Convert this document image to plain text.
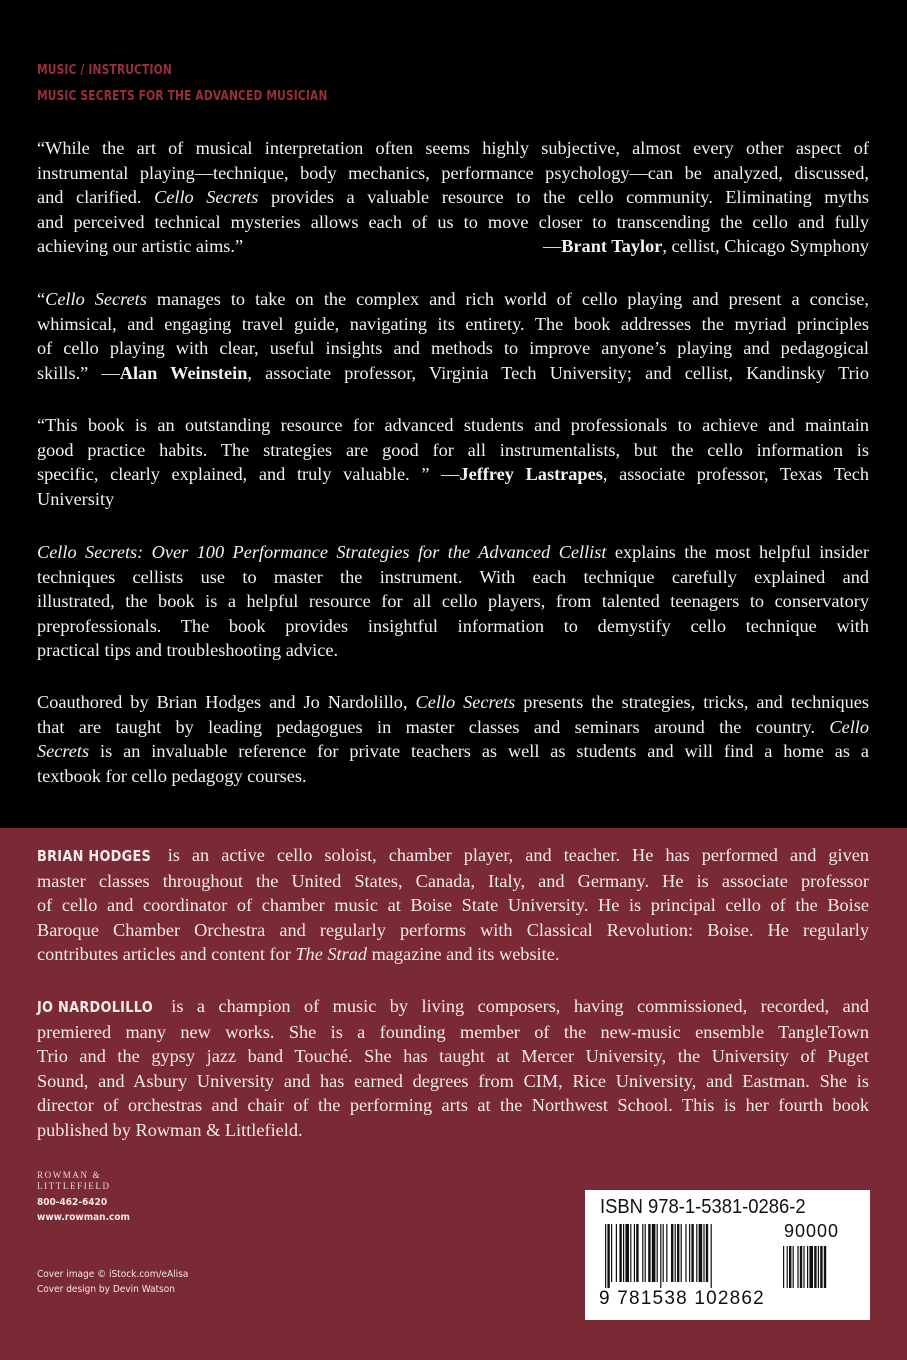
MUSIC / INSTRUCTION
MUSIC SECRETS FOR THE ADVANCED MUSICIAN
“While the art of musical interpretation often seems highly subjective, almost every other aspect of
instrumental playing—technique, body mechanics, performance psychology—can be analyzed, discussed,
and clarified. Cello Secrets provides a valuable resource to the cello community. Eliminating myths
and perceived technical mysteries allows each of us to move closer to transcending the cello and fully
achieving our artistic aims.”	—Brant Taylor, cellist, Chicago Symphony
“Cello Secrets manages to take on the complex and rich world of cello playing and present a concise,
whimsical, and engaging travel guide, navigating its entirety. The book addresses the myriad principles
of cello playing with clear, useful insights and methods to improve anyone’s playing and pedagogical
skills.” —Alan Weinstein, associate professor, Virginia Tech University; and cellist, Kandinsky Trio
“This book is an outstanding resource for advanced students and professionals to achieve and maintain
good practice habits. The strategies are good for all instrumentalists, but the cello information is
specific, clearly explained, and truly valuable. ” —Jeffrey Lastrapes, associate professor, Texas Tech
University
Cello Secrets: Over 100 Performance Strategies for the Advanced Cellist explains the most helpful insider
techniques cellists use to master the instrument. With each technique carefully explained and
illustrated, the book is a helpful resource for all cello players, from talented teenagers to conservatory
preprofessionals. The book provides insightful information to demystify cello technique with
practical tips and troubleshooting advice.
Coauthored by Brian Hodges and Jo Nardolillo, Cello Secrets presents the strategies, tricks, and techniques
that are taught by leading pedagogues in master classes and seminars around the country. Cello
Secrets is an invaluable reference for private teachers as well as students and will find a home as a
textbook for cello pedagogy courses.
BRIAN HODGES is an active cello soloist, chamber player, and teacher. He has performed and given
master classes throughout the United States, Canada, Italy, and Germany. He is associate professor
of cello and coordinator of chamber music at Boise State University. He is principal cello of the Boise
Baroque Chamber Orchestra and regularly performs with Classical Revolution: Boise. He regularly
contributes articles and content for The Strad magazine and its website.
JO NARDOLILLO is a champion of music by living composers, having commissioned, recorded, and
premiered many new works. She is a founding member of the new-music ensemble TangleTown
Trio and the gypsy jazz band Touché. She has taught at Mercer University, the University of Puget
Sound, and Asbury University and has earned degrees from CIM, Rice University, and Eastman. She is
director of orchestras and chair of the performing arts at the Northwest School. This is her fourth book
published by Rowman & Littlefield.
ROWMAN &
LITTLEFIELD
800-462-6420
www.rowman.com
Cover image © iStock.com/eAlisa
Cover design by Devin Watson
ISBN 978-1-5381-0286-2
90000
9 781538 102862
